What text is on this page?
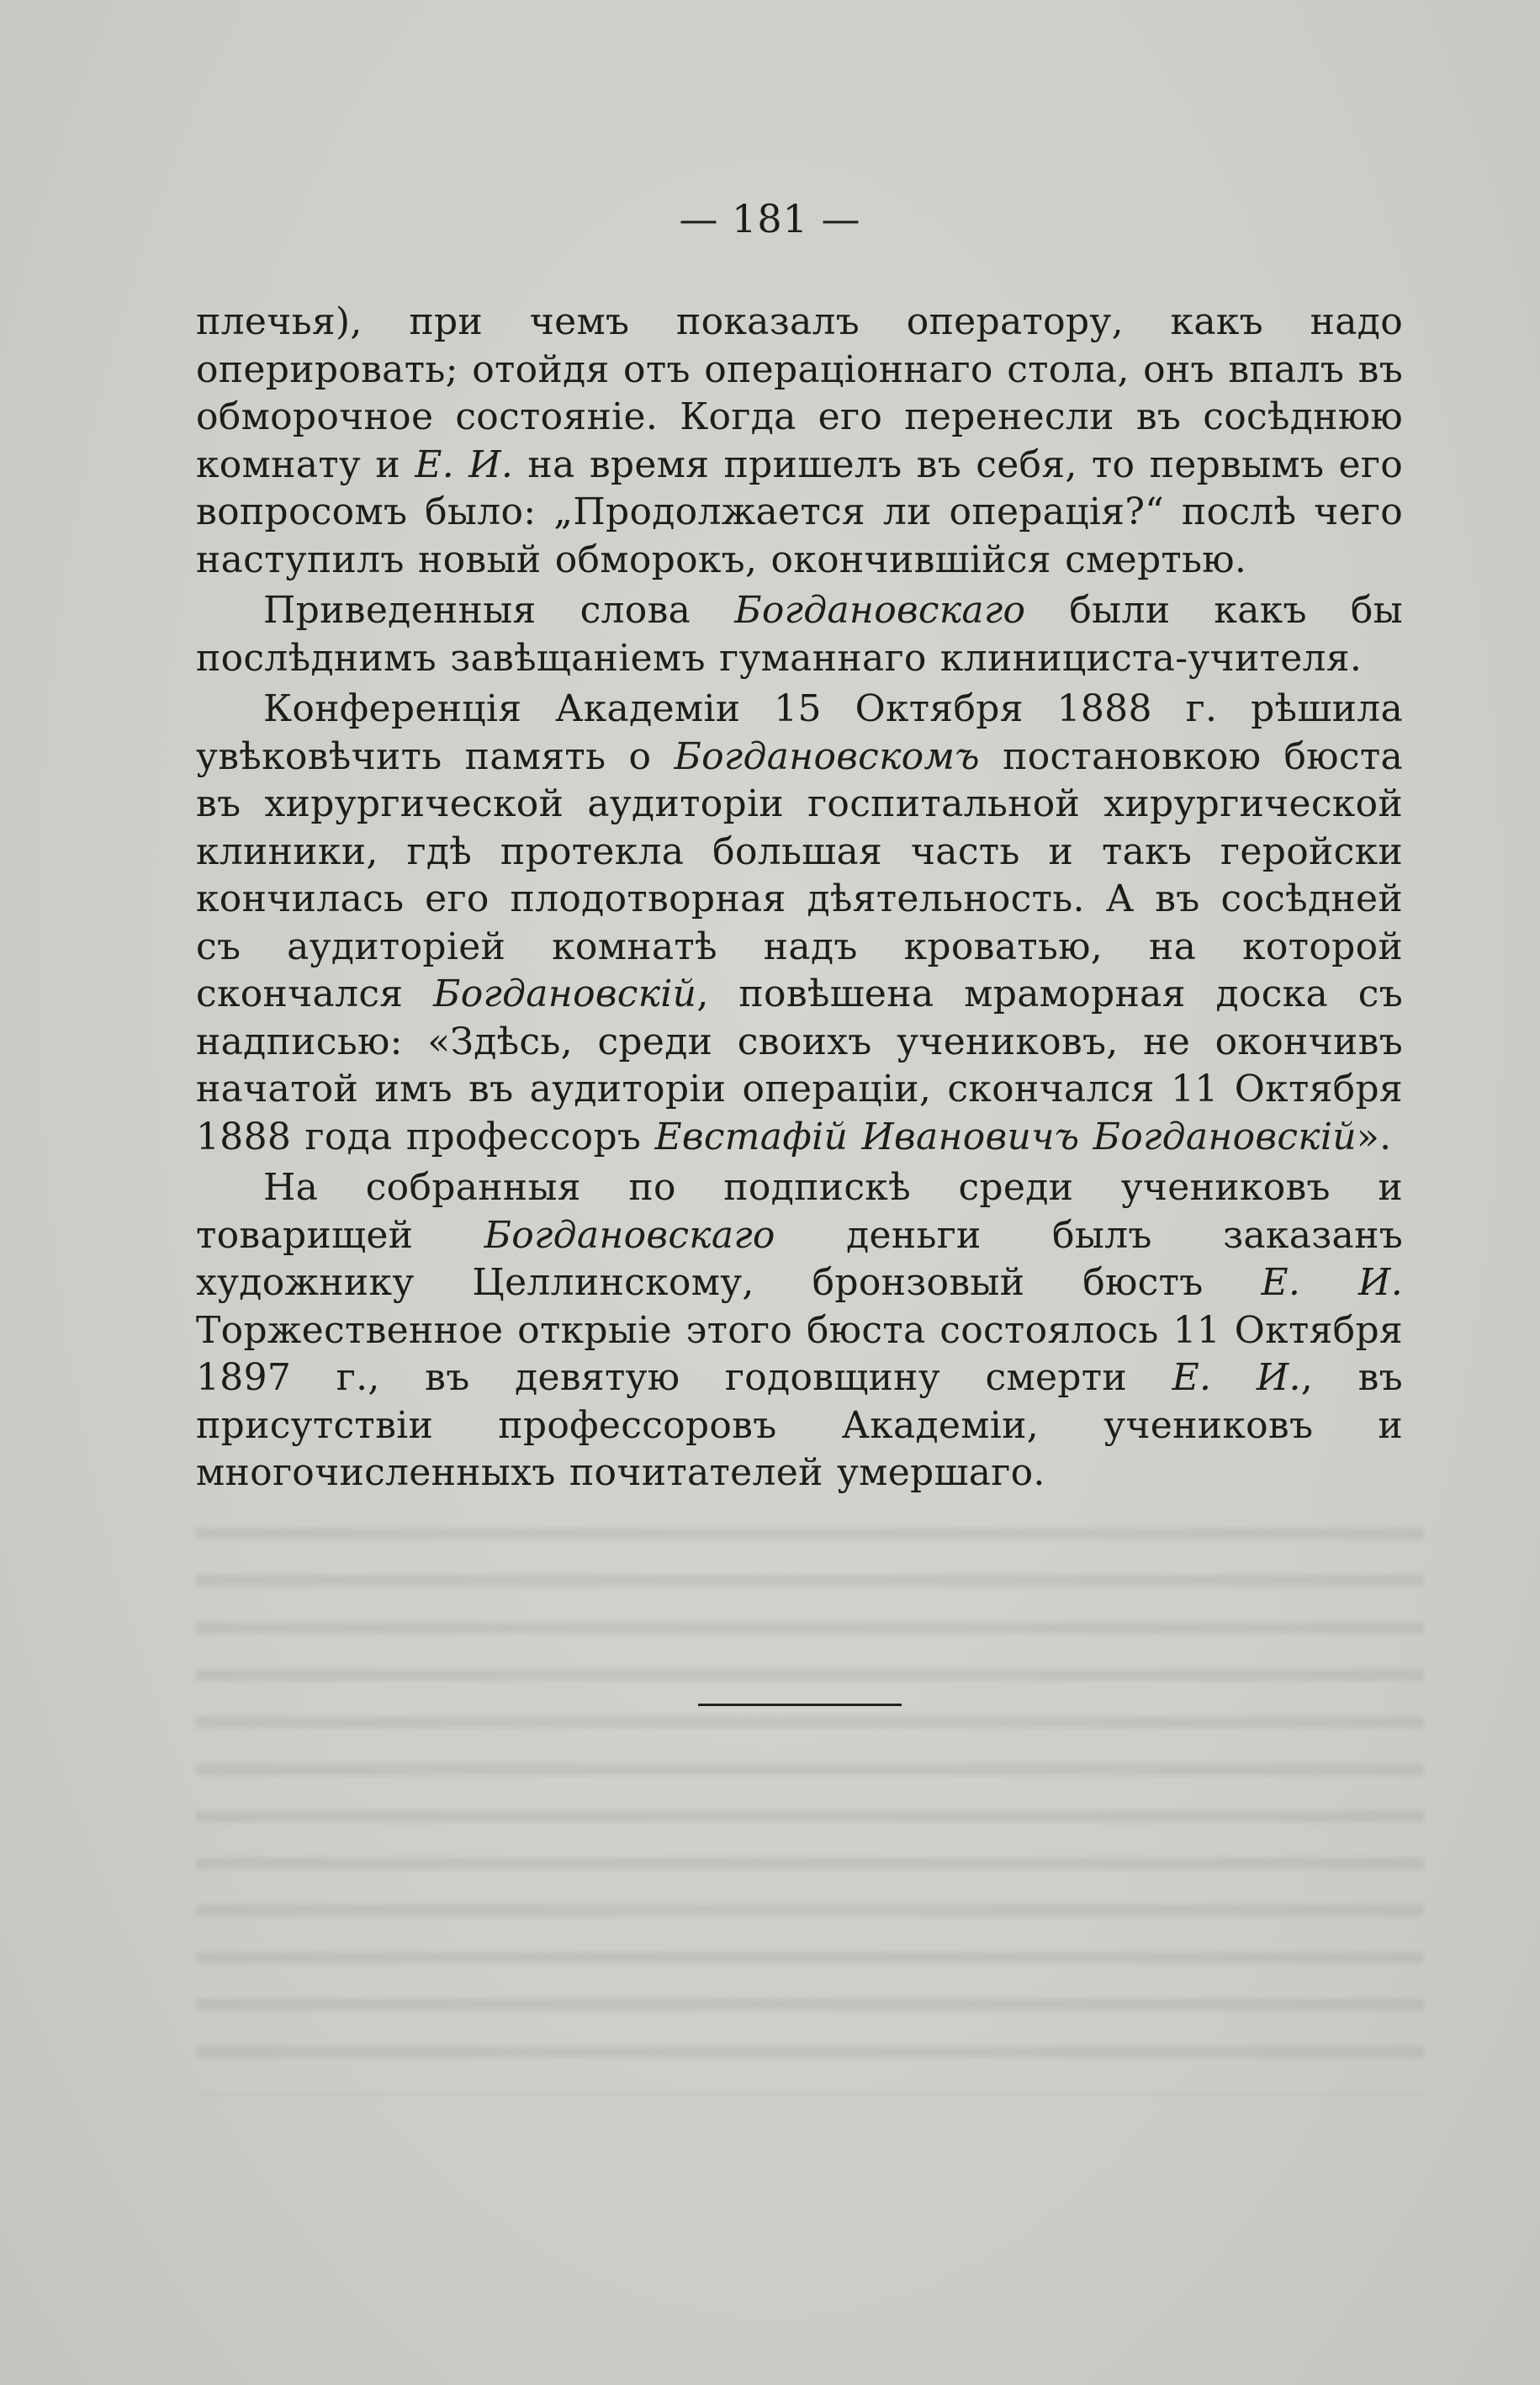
— 181 —

плечья), при чемъ показалъ оператору, какъ надо оперировать; отойдя отъ операціоннаго стола, онъ впалъ въ обморочное состояніе. Когда его перенесли въ сосѣднюю комнату и Е. И. на время пришелъ въ себя, то первымъ его вопросомъ было: „Продолжается ли операція?“ послѣ чего наступилъ новый обморокъ, окончившійся смертью.

Приведенныя слова Богдановскаго были какъ бы послѣднимъ завѣщаніемъ гуманнаго клинициста-учителя.

Конференція Академіи 15 Октября 1888 г. рѣшила увѣковѣчить память о Богдановскомъ постановкою бюста въ хирургической аудиторіи госпитальной хирургической клиники, гдѣ протекла большая часть и такъ геройски кончилась его плодотворная дѣятельность. А въ сосѣдней съ аудиторіей комнатѣ надъ кроватью, на которой скончался Богдановскій, повѣшена мраморная доска съ надписью: «Здѣсь, среди своихъ учениковъ, не окончивъ начатой имъ въ аудиторіи операціи, скончался 11 Октября 1888 года профессоръ Евстафій Ивановичъ Богдановскій».

На собранныя по подпискѣ среди учениковъ и товарищей Богдановскаго деньги былъ заказанъ художнику Целлинскому, бронзовый бюстъ Е. И. Торжественное открыіе этого бюста состоялось 11 Октября 1897 г., въ девятую годовщину смерти Е. И., въ присутствіи профессоровъ Академіи, учениковъ и многочисленныхъ почитателей умершаго.
